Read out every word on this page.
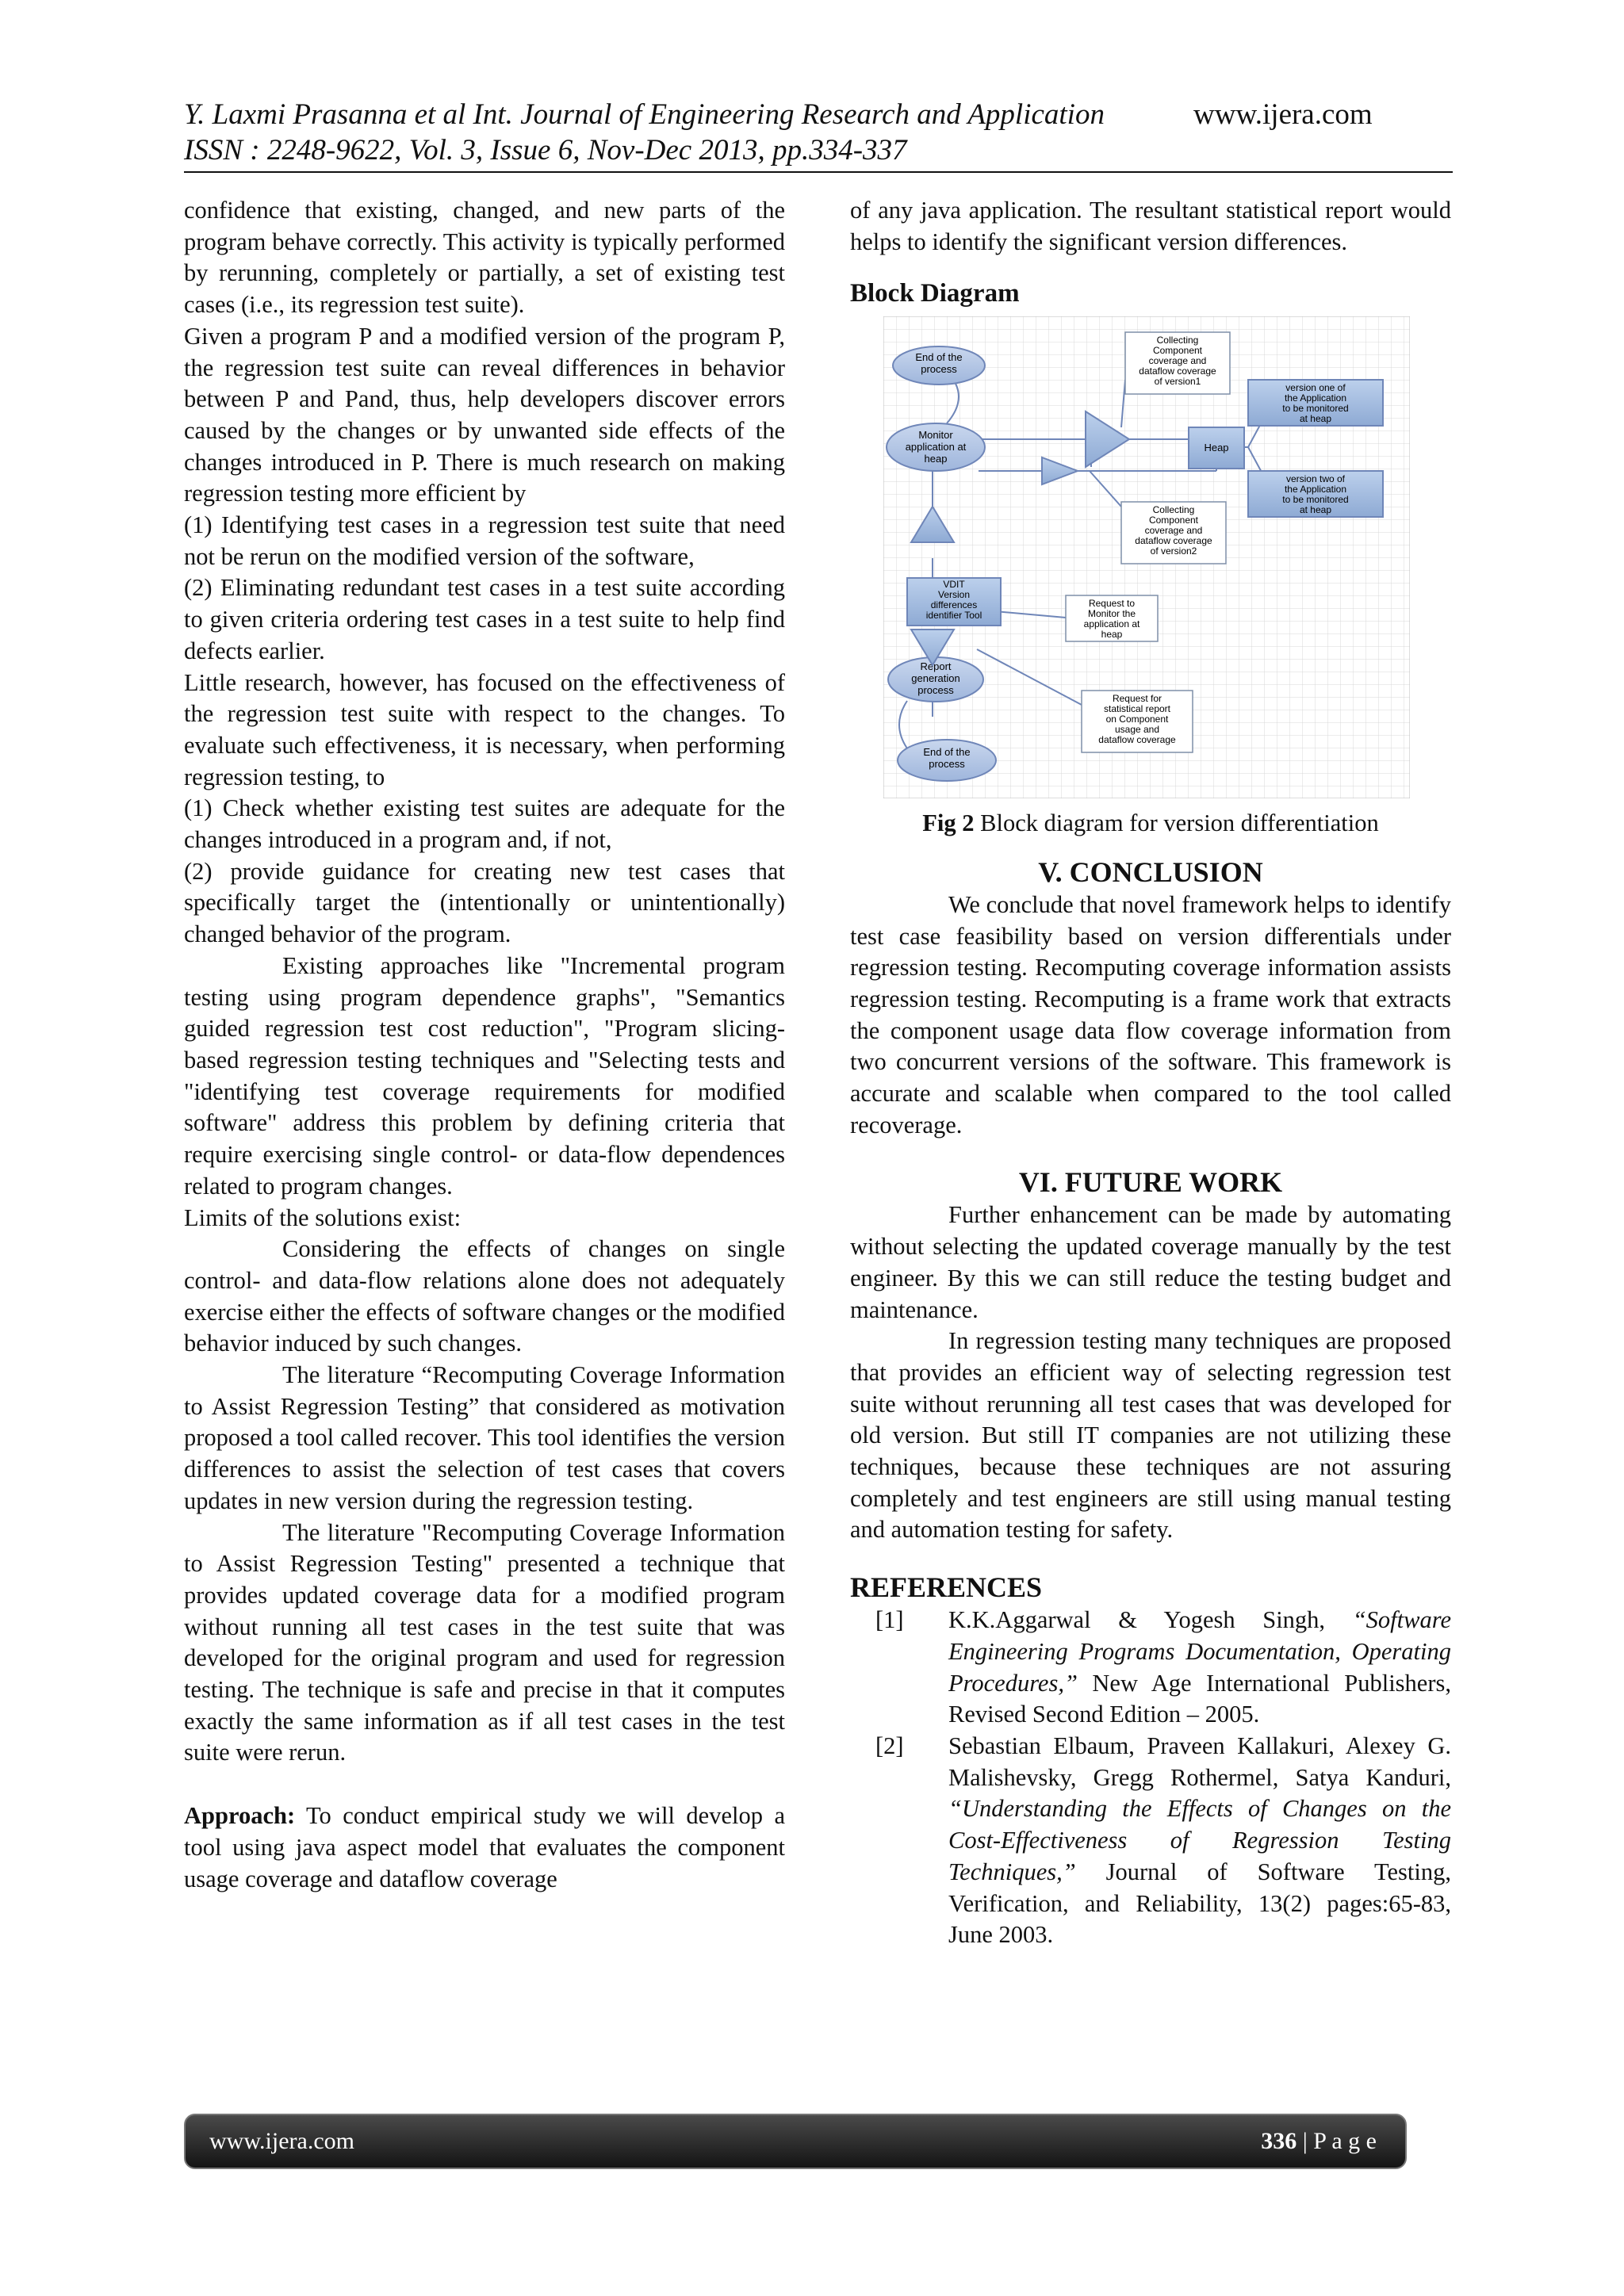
Y. Laxmi Prasanna et al Int. Journal of Engineering Research and Application	www.ijera.com
ISSN : 2248-9622, Vol. 3, Issue 6, Nov-Dec 2013, pp.334-337

confidence that existing, changed, and new parts of the program behave correctly. This activity is typically performed by rerunning, completely or partially, a set of existing test cases (i.e., its regression test suite).

Given a program P and a modified version of the program P, the regression test suite can reveal differences in behavior between P and Pand, thus, help developers discover errors caused by the changes or by unwanted side effects of the changes introduced in P. There is much research on making regression testing more efficient by

(1) Identifying test cases in a regression test suite that need not be rerun on the modified version of the software,

(2) Eliminating redundant test cases in a test suite according to given criteria ordering test cases in a test suite to help find defects earlier.

Little research, however, has focused on the effectiveness of the regression test suite with respect to the changes. To evaluate such effectiveness, it is necessary, when performing regression testing, to

(1) Check whether existing test suites are adequate for the changes introduced in a program and, if not,

(2) provide guidance for creating new test cases that specifically target the (intentionally or unintentionally) changed behavior of the program.

Existing approaches like "Incremental program testing using program dependence graphs", "Semantics guided regression test cost reduction", "Program slicing-based regression testing techniques and "Selecting tests and "identifying test coverage requirements for modified software" address this problem by defining criteria that require exercising single control- or data-flow dependences related to program changes.

Limits of the solutions exist:

Considering the effects of changes on single control- and data-flow relations alone does not adequately exercise either the effects of software changes or the modified behavior induced by such changes.

The literature “Recomputing Coverage Information to Assist Regression Testing” that considered as motivation proposed a tool called recover. This tool identifies the version differences to assist the selection of test cases that covers updates in new version during the regression testing.

The literature "Recomputing Coverage Information to Assist Regression Testing" presented a technique that provides updated coverage data for a modified program without running all test cases in the test suite that was developed for the original program and used for regression testing. The technique is safe and precise in that it computes exactly the same information as if all test cases in the test suite were rerun.

Approach: To conduct empirical study we will develop a tool using java aspect model that evaluates the component usage coverage and dataflow coverage

of any java application. The resultant statistical report would helps to identify the significant version differences.

Block Diagram

End of the process
Monitor application at heap
Report generation process
End of the process
VDIT Version differences identifier Tool
Heap
version one of the Application to be monitored at heap
version two of the Application to be monitored at heap
Collecting Component coverage and dataflow coverage of version1
Collecting Component coverage and dataflow coverage of version2
Request to Monitor the application at heap
Request for statistical report on Component usage and dataflow coverage
Fig 2 Block diagram for version differentiation

V. CONCLUSION

We conclude that novel framework helps to identify test case feasibility based on version differentials under regression testing. Recomputing coverage information assists regression testing. Recomputing is a frame work that extracts the component usage data flow coverage information from two concurrent versions of the software. This framework is accurate and scalable when compared to the tool called recoverage.

VI. FUTURE WORK

Further enhancement can be made by automating without selecting the updated coverage manually by the test engineer. By this we can still reduce the testing budget and maintenance.

In regression testing many techniques are proposed that provides an efficient way of selecting regression test suite without rerunning all test cases that was developed for old version. But still IT companies are not utilizing these techniques, because these techniques are not assuring completely and test engineers are still using manual testing and automation testing for safety.

REFERENCES

[1]	K.K.Aggarwal & Yogesh Singh, “Software Engineering Programs Documentation, Operating Procedures,” New Age International Publishers, Revised Second Edition – 2005.
[2]	Sebastian Elbaum, Praveen Kallakuri, Alexey G. Malishevsky, Gregg Rothermel, Satya Kanduri, “Understanding the Effects of Changes on the Cost-Effectiveness of Regression Testing Techniques,” Journal of Software Testing, Verification, and Reliability, 13(2) pages:65-83, June 2003.
www.ijera.com	336 | P a g e
